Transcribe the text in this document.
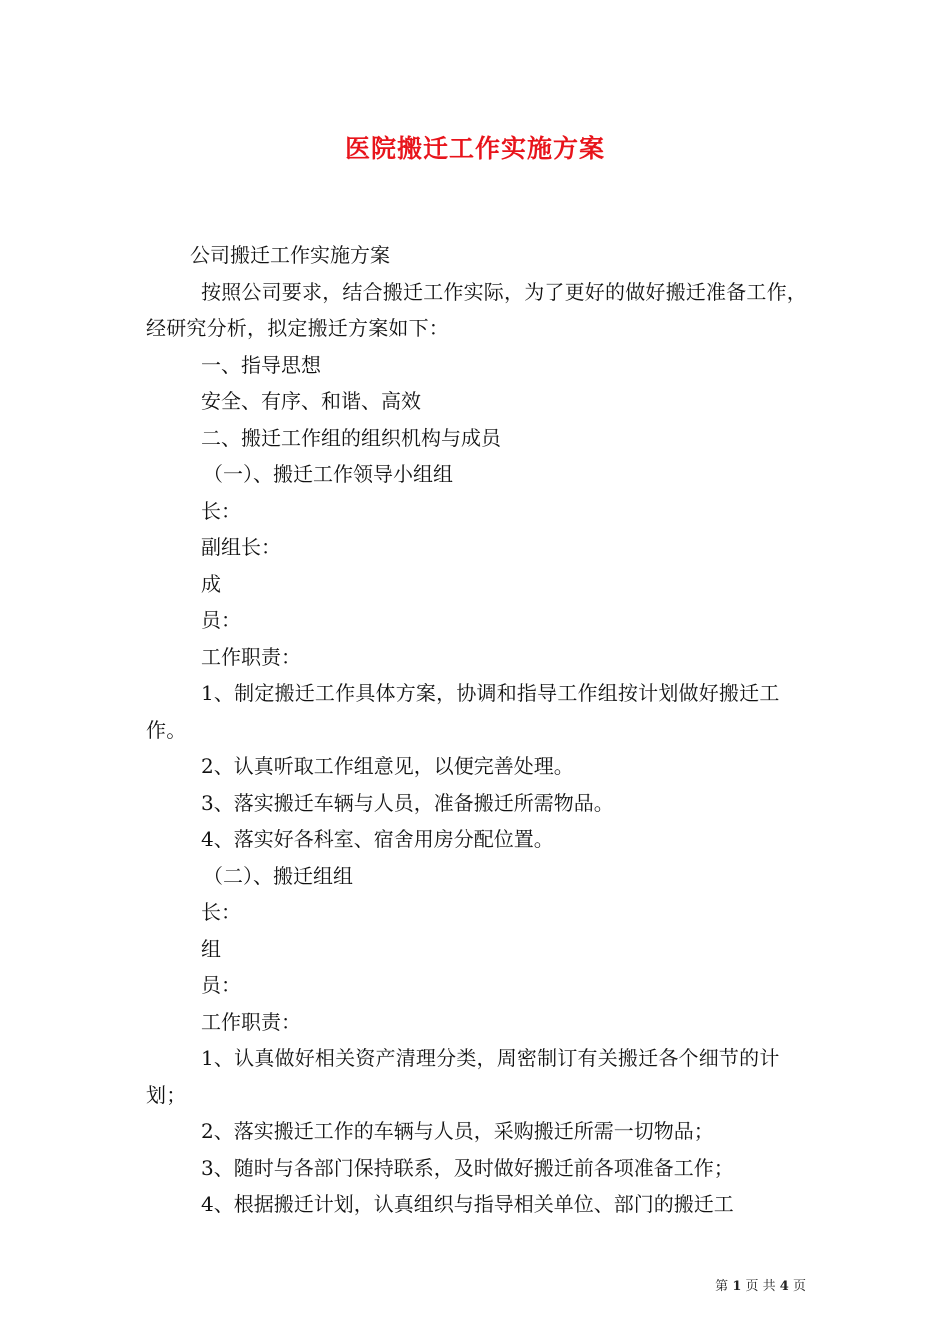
医院搬迁工作实施方案

公司搬迁工作实施方案

按照公司要求，结合搬迁工作实际，为了更好的做好搬迁准备工作，经研究分析，拟定搬迁方案如下：

一、指导思想

安全、有序、和谐、高效

二、搬迁工作组的组织机构与成员

（一）、搬迁工作领导小组组

长：

副组长：

成

员：

工作职责：

1、制定搬迁工作具体方案，协调和指导工作组按计划做好搬迁工作。

2、认真听取工作组意见，以便完善处理。

3、落实搬迁车辆与人员，准备搬迁所需物品。

4、落实好各科室、宿舍用房分配位置。

（二）、搬迁组组

长：

组

员：

工作职责：

1、认真做好相关资产清理分类，周密制订有关搬迁各个细节的计划；

2、落实搬迁工作的车辆与人员，采购搬迁所需一切物品；

3、随时与各部门保持联系，及时做好搬迁前各项准备工作；

4、根据搬迁计划，认真组织与指导相关单位、部门的搬迁工

第 1 页 共 4 页
